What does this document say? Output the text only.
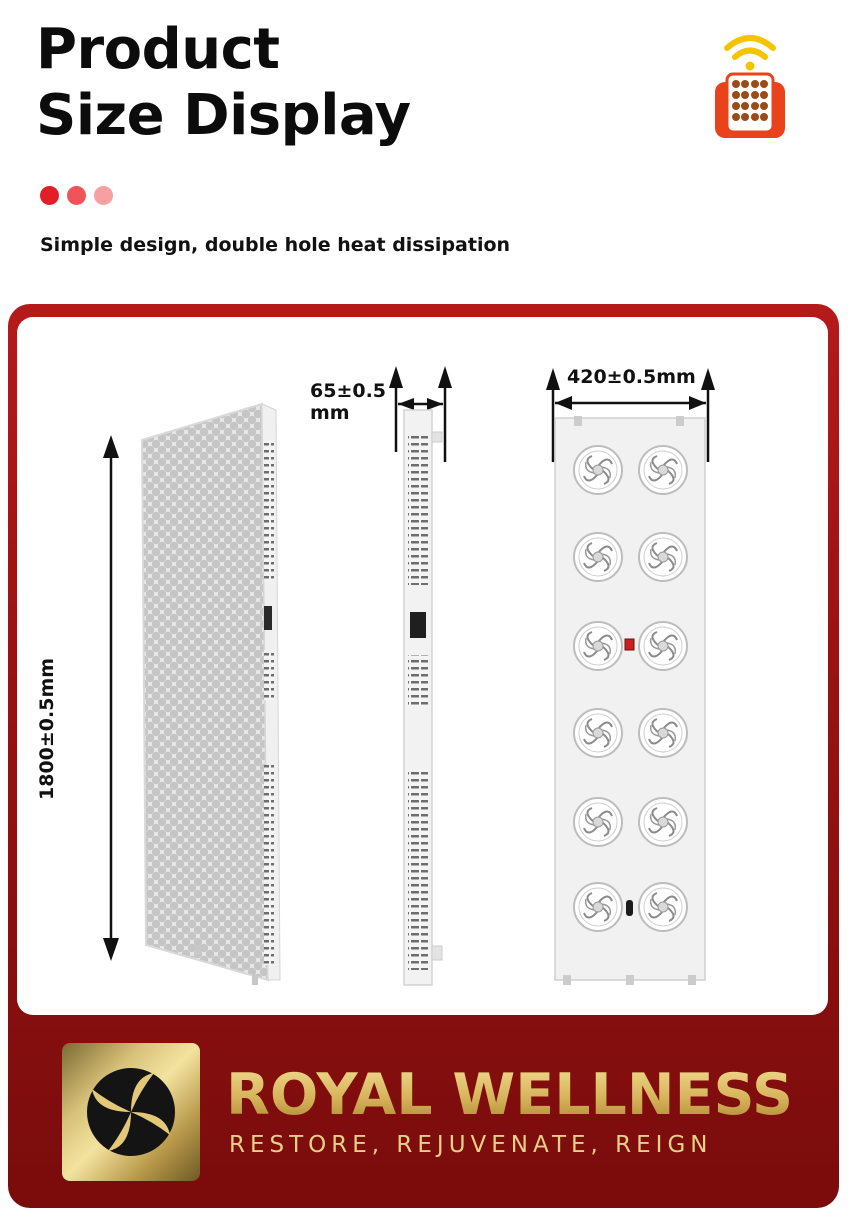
Product
Size Display
Simple design, double hole heat dissipation
1800±0.5mm
65±0.5
mm
420±0.5mm
ROYAL WELLNESS
RESTORE, REJUVENATE, REIGN
